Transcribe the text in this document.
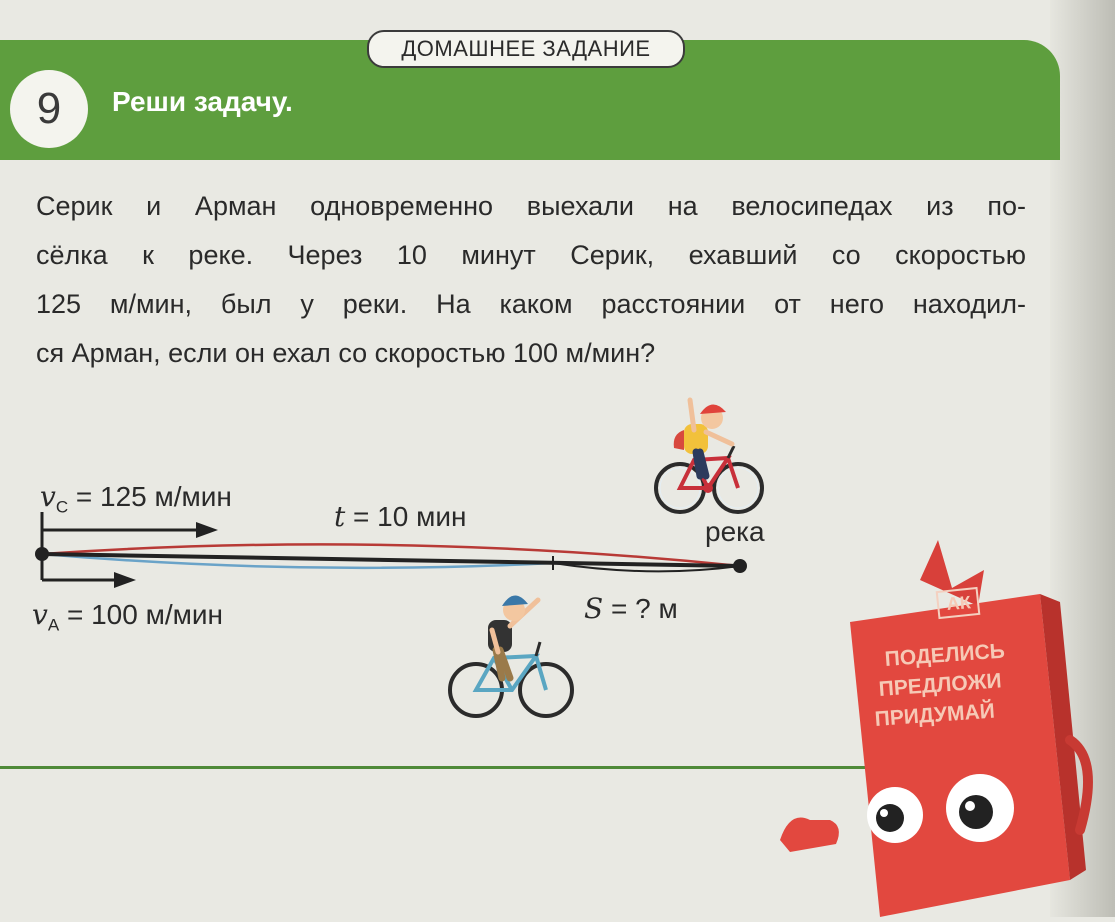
ДОМАШНЕЕ ЗАДАНИЕ
9	Реши задачу.
Серик и Арман одновременно выехали на велосипедах из по-
сёлка к реке. Через 10 минут Серик, ехавший со скоростью
125 м/мин, был у реки. На каком расстоянии от него находил-
ся Арман, если он ехал со скоростью 100 м/мин?
$v_С = 125$ м/мин
t = 10 мин	река
$v_А = 100$ м/мин	S = ? м	АК
ПОДЕЛИСЬ
ПРЕДЛОЖИ
ПРИДУМАЙ
